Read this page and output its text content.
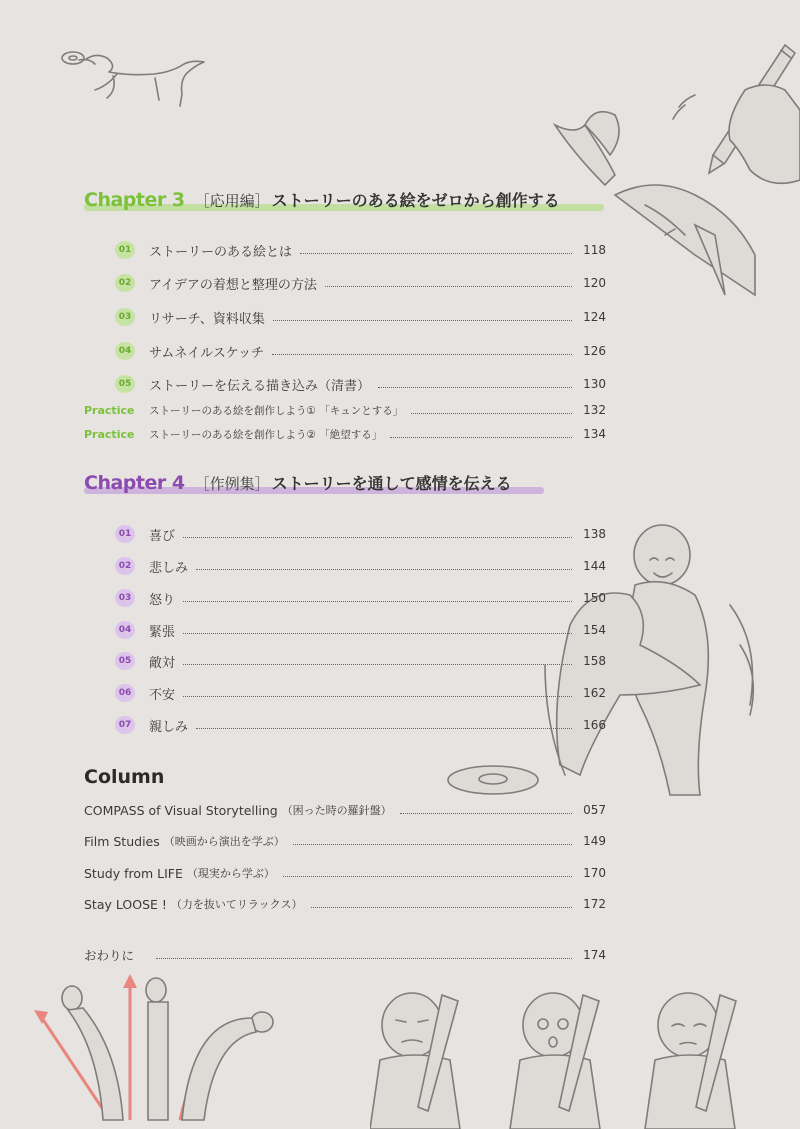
Chapter 3 ［応用編］ ストーリーのある絵をゼロから創作する
01 ストーリーのある絵とは	118
02 アイデアの着想と整理の方法	120
03 リサーチ、資料収集	124
04 サムネイルスケッチ	126
05 ストーリーを伝える描き込み（清書）	130
Practice	ストーリーのある絵を創作しよう① 「キュンとする」	132
Practice	ストーリーのある絵を創作しよう② 「絶望する」	134
Chapter 4 ［作例集］ ストーリーを通して感情を伝える
01 喜び	138
02 悲しみ	144
03 怒り	150
04 緊張	154
05 敵対	158
06 不安	162
07 親しみ	166
Column
COMPASS of Visual Storytelling （困った時の羅針盤）	057
Film Studies （映画から演出を学ぶ）	149
Study from LIFE （現実から学ぶ）	170
Stay LOOSE ! （力を抜いてリラックス）	172
おわりに	174
